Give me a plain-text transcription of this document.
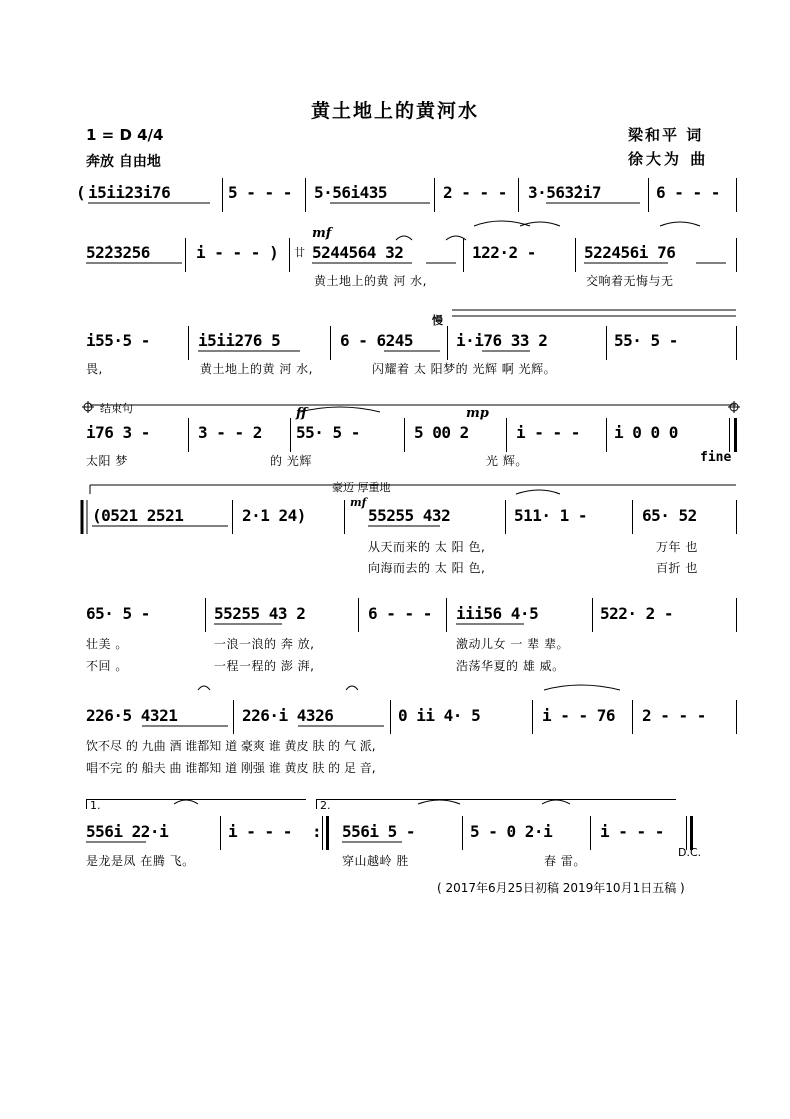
黄土地上的黄河水
1 = D 4/4
奔放 自由地
梁和平 词
徐大为 曲
( i5ii23i76	5 - - - 5·56i435	2 - - - 3·563̇2i7	6 - - -
52̇23256	i - - - ) 廿
mf
5244564 32	122·2 -	522456i 76
黄土地上的黄 河 水,	交响着无悔与无
i55·5 -	i5ii276 5	6 - 6245
慢
i·i76 33 2	55· 5 -
畏,	黄土地上的黄 河 水,	闪耀着 太 阳梦的 光辉 啊 光辉。
结束句
i76 3 -	3 - - 2
ff
55· 5 -
mp
5 00 2	i - - - i 0 0 0
太阳 梦	的 光辉	光 辉。	fine
豪迈 厚重地
(0521 2521	2·1 24)
mf
55255 432	511· 1 -	65· 52
从天而来的 太 阳 色,	万年 也
向海而去的 太 阳 色,	百折 也
65· 5 -	55255 43 2	6 - - - iii56 4·5	522· 2 -
壮美 。	一浪一浪的 奔 放,	激动儿女 一 辈 辈。
不回 。	一程一程的 澎 湃,	浩荡华夏的 雄 威。
226·5 4321	226·i 4326	0 ii 4· 5	i - - 76 2 - - -
饮不尽 的 九曲 酒 谁都知 道 豪爽 谁 黄皮 肤 的 气 派,
唱不完 的 船夫 曲 谁都知 道 刚强 谁 黄皮 肤 的 足 音,
1.	2.
556i 22·i	i - - - : 556i 5 -	5 - 0 2·i	i - - -
是龙是凤 在腾 飞。	穿山越岭 胜	春 雷。
D.C.
( 2017年6月25日初稿 2019年10月1日五稿 )
